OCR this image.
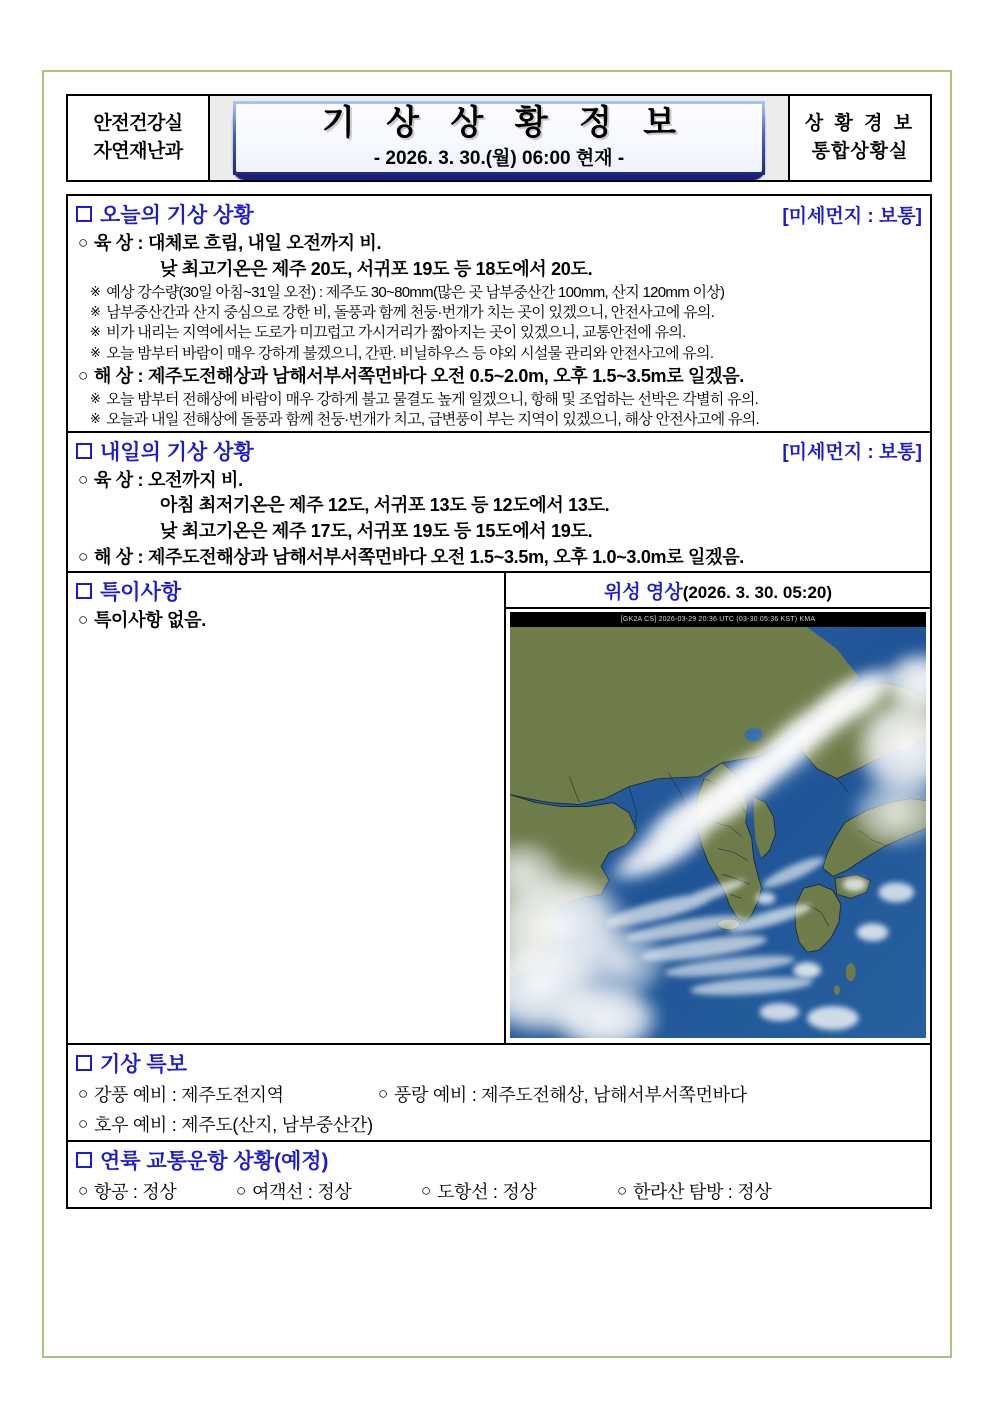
안전건강실
자연재난과
기 상 상 황 정 보
- 2026. 3. 30.(월) 06:00 현재 -
상 황 경 보
통합상황실
오늘의 기상 상황	[미세먼지 : 보통]
○ 육 상 : 대체로 흐림, 내일 오전까지 비.
낮 최고기온은 제주 20도, 서귀포 19도 등 18도에서 20도.
※ 예상 강수량(30일 아침~31일 오전) : 제주도 30~80mm(많은 곳 남부중산간 100mm, 산지 120mm 이상)
※ 남부중산간과 산지 중심으로 강한 비, 돌풍과 함께 천둥·번개가 치는 곳이 있겠으니, 안전사고에 유의.
※ 비가 내리는 지역에서는 도로가 미끄럽고 가시거리가 짧아지는 곳이 있겠으니, 교통안전에 유의.
※ 오늘 밤부터 바람이 매우 강하게 불겠으니, 간판. 비닐하우스 등 야외 시설물 관리와 안전사고에 유의.
○ 해 상 : 제주도전해상과 남해서부서쪽먼바다 오전 0.5~2.0m, 오후 1.5~3.5m로 일겠음.
※ 오늘 밤부터 전해상에 바람이 매우 강하게 불고 물결도 높게 일겠으니, 항해 및 조업하는 선박은 각별히 유의.
※ 오늘과 내일 전해상에 돌풍과 함께 천둥·번개가 치고, 급변풍이 부는 지역이 있겠으니, 해상 안전사고에 유의.
내일의 기상 상황	[미세먼지 : 보통]
○ 육 상 : 오전까지 비.
아침 최저기온은 제주 12도, 서귀포 13도 등 12도에서 13도.
낮 최고기온은 제주 17도, 서귀포 19도 등 15도에서 19도.
○ 해 상 : 제주도전해상과 남해서부서쪽먼바다 오전 1.5~3.5m, 오후 1.0~3.0m로 일겠음.
특이사항
○ 특이사항 없음.
위성 영상(2026. 3. 30. 05:20)
[GK2A CS] 2026-03-29 20:36 UTC (03-30 05:36 KST) KMA
기상 특보
○ 강풍 예비 : 제주도전지역	○ 풍랑 예비 : 제주도전해상, 남해서부서쪽먼바다
○ 호우 예비 : 제주도(산지, 남부중산간)
연륙 교통운항 상황(예정)
○ 항공 : 정상	○ 여객선 : 정상	○ 도항선 : 정상	○ 한라산 탐방 : 정상
